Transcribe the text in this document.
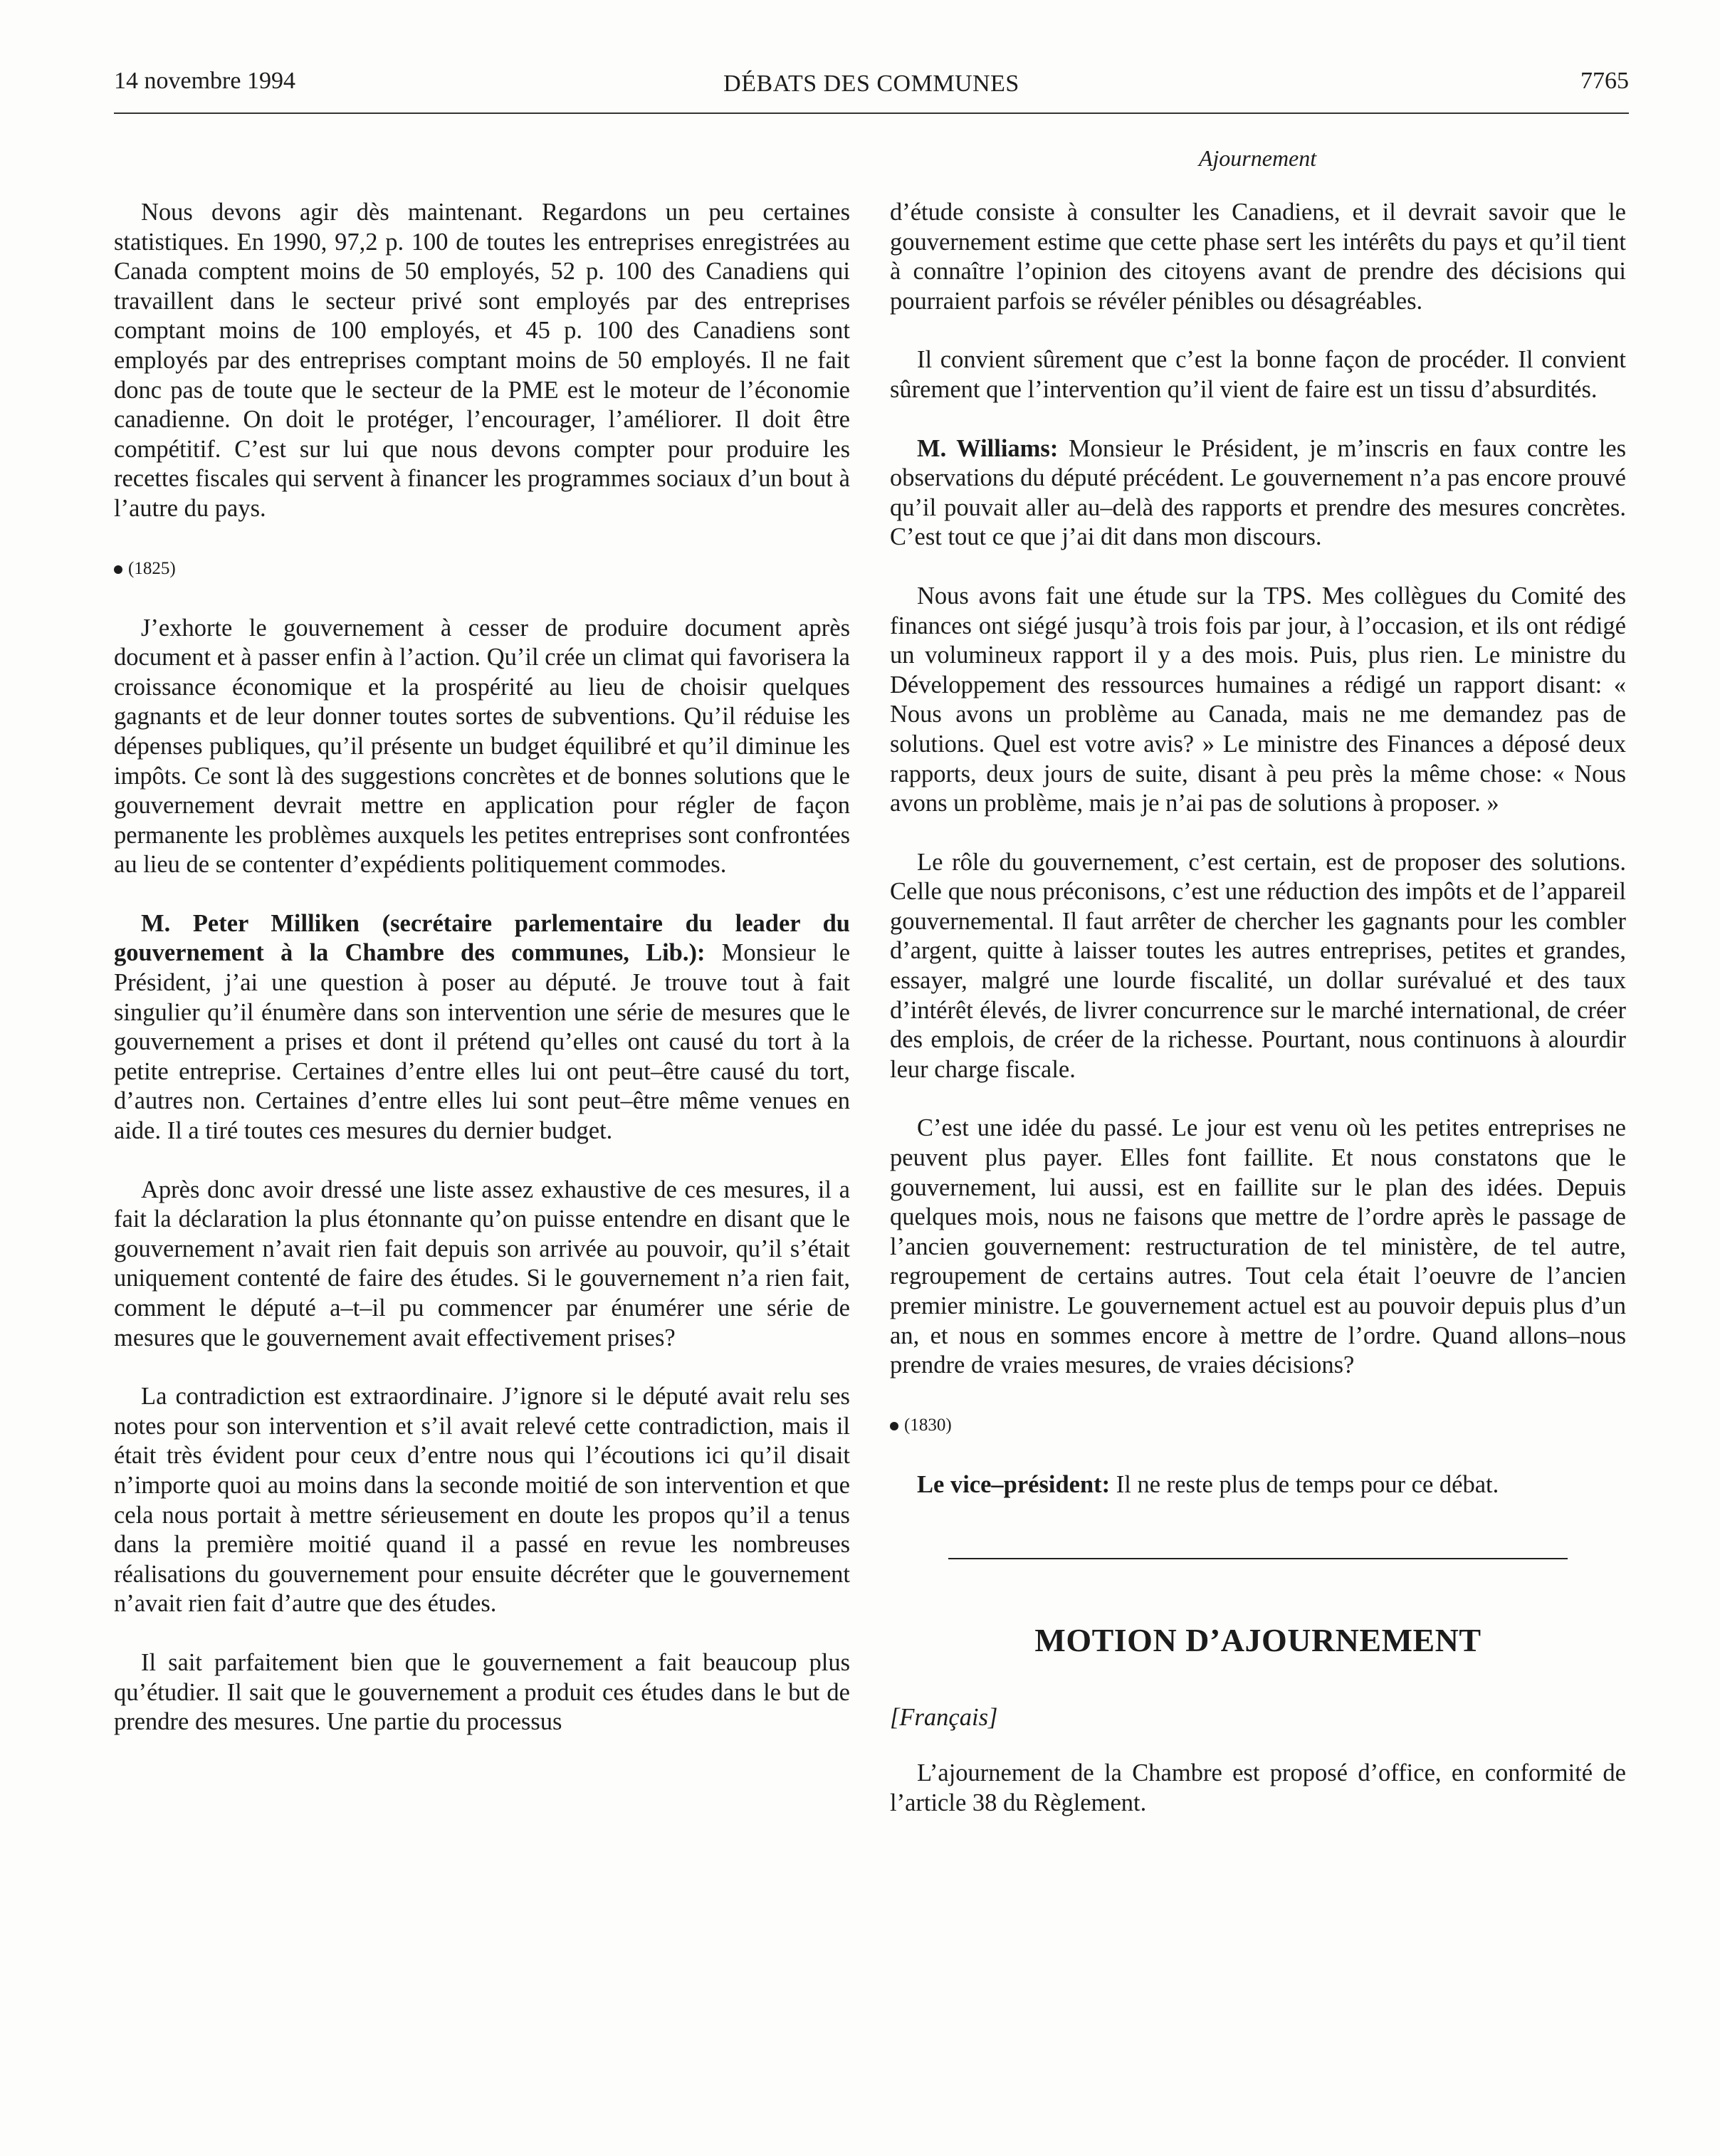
14 novembre 1994	DÉBATS DES COMMUNES	7765
Ajournement

Nous devons agir dès maintenant. Regardons un peu certaines statistiques. En 1990, 97,2 p. 100 de toutes les entreprises enregistrées au Canada comptent moins de 50 employés, 52 p. 100 des Canadiens qui travaillent dans le secteur privé sont employés par des entreprises comptant moins de 100 employés, et 45 p. 100 des Canadiens sont employés par des entreprises comptant moins de 50 employés. Il ne fait donc pas de toute que le secteur de la PME est le moteur de l’économie canadienne. On doit le protéger, l’encourager, l’améliorer. Il doit être compétitif. C’est sur lui que nous devons compter pour produire les recettes fiscales qui servent à financer les programmes sociaux d’un bout à l’autre du pays.

(1825)

J’exhorte le gouvernement à cesser de produire document après document et à passer enfin à l’action. Qu’il crée un climat qui favorisera la croissance économique et la prospérité au lieu de choisir quelques gagnants et de leur donner toutes sortes de subventions. Qu’il réduise les dépenses publiques, qu’il présente un budget équilibré et qu’il diminue les impôts. Ce sont là des suggestions concrètes et de bonnes solutions que le gouvernement devrait mettre en application pour régler de façon permanente les problèmes auxquels les petites entreprises sont confrontées au lieu de se contenter d’expédients politiquement commodes.

M. Peter Milliken (secrétaire parlementaire du leader du gouvernement à la Chambre des communes, Lib.): Monsieur le Président, j’ai une question à poser au député. Je trouve tout à fait singulier qu’il énumère dans son intervention une série de mesures que le gouvernement a prises et dont il prétend qu’elles ont causé du tort à la petite entreprise. Certaines d’entre elles lui ont peut–être causé du tort, d’autres non. Certaines d’entre elles lui sont peut–être même venues en aide. Il a tiré toutes ces mesures du dernier budget.

Après donc avoir dressé une liste assez exhaustive de ces mesures, il a fait la déclaration la plus étonnante qu’on puisse entendre en disant que le gouvernement n’avait rien fait depuis son arrivée au pouvoir, qu’il s’était uniquement contenté de faire des études. Si le gouvernement n’a rien fait, comment le député a–t–il pu commencer par énumérer une série de mesures que le gouvernement avait effectivement prises?

La contradiction est extraordinaire. J’ignore si le député avait relu ses notes pour son intervention et s’il avait relevé cette contradiction, mais il était très évident pour ceux d’entre nous qui l’écoutions ici qu’il disait n’importe quoi au moins dans la seconde moitié de son intervention et que cela nous portait à mettre sérieusement en doute les propos qu’il a tenus dans la première moitié quand il a passé en revue les nombreuses réalisations du gouvernement pour ensuite décréter que le gouvernement n’avait rien fait d’autre que des études.

Il sait parfaitement bien que le gouvernement a fait beaucoup plus qu’étudier. Il sait que le gouvernement a produit ces études dans le but de prendre des mesures. Une partie du processus

d’étude consiste à consulter les Canadiens, et il devrait savoir que le gouvernement estime que cette phase sert les intérêts du pays et qu’il tient à connaître l’opinion des citoyens avant de prendre des décisions qui pourraient parfois se révéler pénibles ou désagréables.

Il convient sûrement que c’est la bonne façon de procéder. Il convient sûrement que l’intervention qu’il vient de faire est un tissu d’absurdités.

M. Williams: Monsieur le Président, je m’inscris en faux contre les observations du député précédent. Le gouvernement n’a pas encore prouvé qu’il pouvait aller au–delà des rapports et prendre des mesures concrètes. C’est tout ce que j’ai dit dans mon discours.

Nous avons fait une étude sur la TPS. Mes collègues du Comité des finances ont siégé jusqu’à trois fois par jour, à l’occasion, et ils ont rédigé un volumineux rapport il y a des mois. Puis, plus rien. Le ministre du Développement des ressources humaines a rédigé un rapport disant: « Nous avons un problème au Canada, mais ne me demandez pas de solutions. Quel est votre avis? » Le ministre des Finances a déposé deux rapports, deux jours de suite, disant à peu près la même chose: « Nous avons un problème, mais je n’ai pas de solutions à proposer. »

Le rôle du gouvernement, c’est certain, est de proposer des solutions. Celle que nous préconisons, c’est une réduction des impôts et de l’appareil gouvernemental. Il faut arrêter de chercher les gagnants pour les combler d’argent, quitte à laisser toutes les autres entreprises, petites et grandes, essayer, malgré une lourde fiscalité, un dollar surévalué et des taux d’intérêt élevés, de livrer concurrence sur le marché international, de créer des emplois, de créer de la richesse. Pourtant, nous continuons à alourdir leur charge fiscale.

C’est une idée du passé. Le jour est venu où les petites entreprises ne peuvent plus payer. Elles font faillite. Et nous constatons que le gouvernement, lui aussi, est en faillite sur le plan des idées. Depuis quelques mois, nous ne faisons que mettre de l’ordre après le passage de l’ancien gouvernement: restructuration de tel ministère, de tel autre, regroupement de certains autres. Tout cela était l’oeuvre de l’ancien premier ministre. Le gouvernement actuel est au pouvoir depuis plus d’un an, et nous en sommes encore à mettre de l’ordre. Quand allons–nous prendre de vraies mesures, de vraies décisions?

(1830)

Le vice–président: Il ne reste plus de temps pour ce débat.

MOTION D’AJOURNEMENT

[Français]

L’ajournement de la Chambre est proposé d’office, en conformité de l’article 38 du Règlement.
